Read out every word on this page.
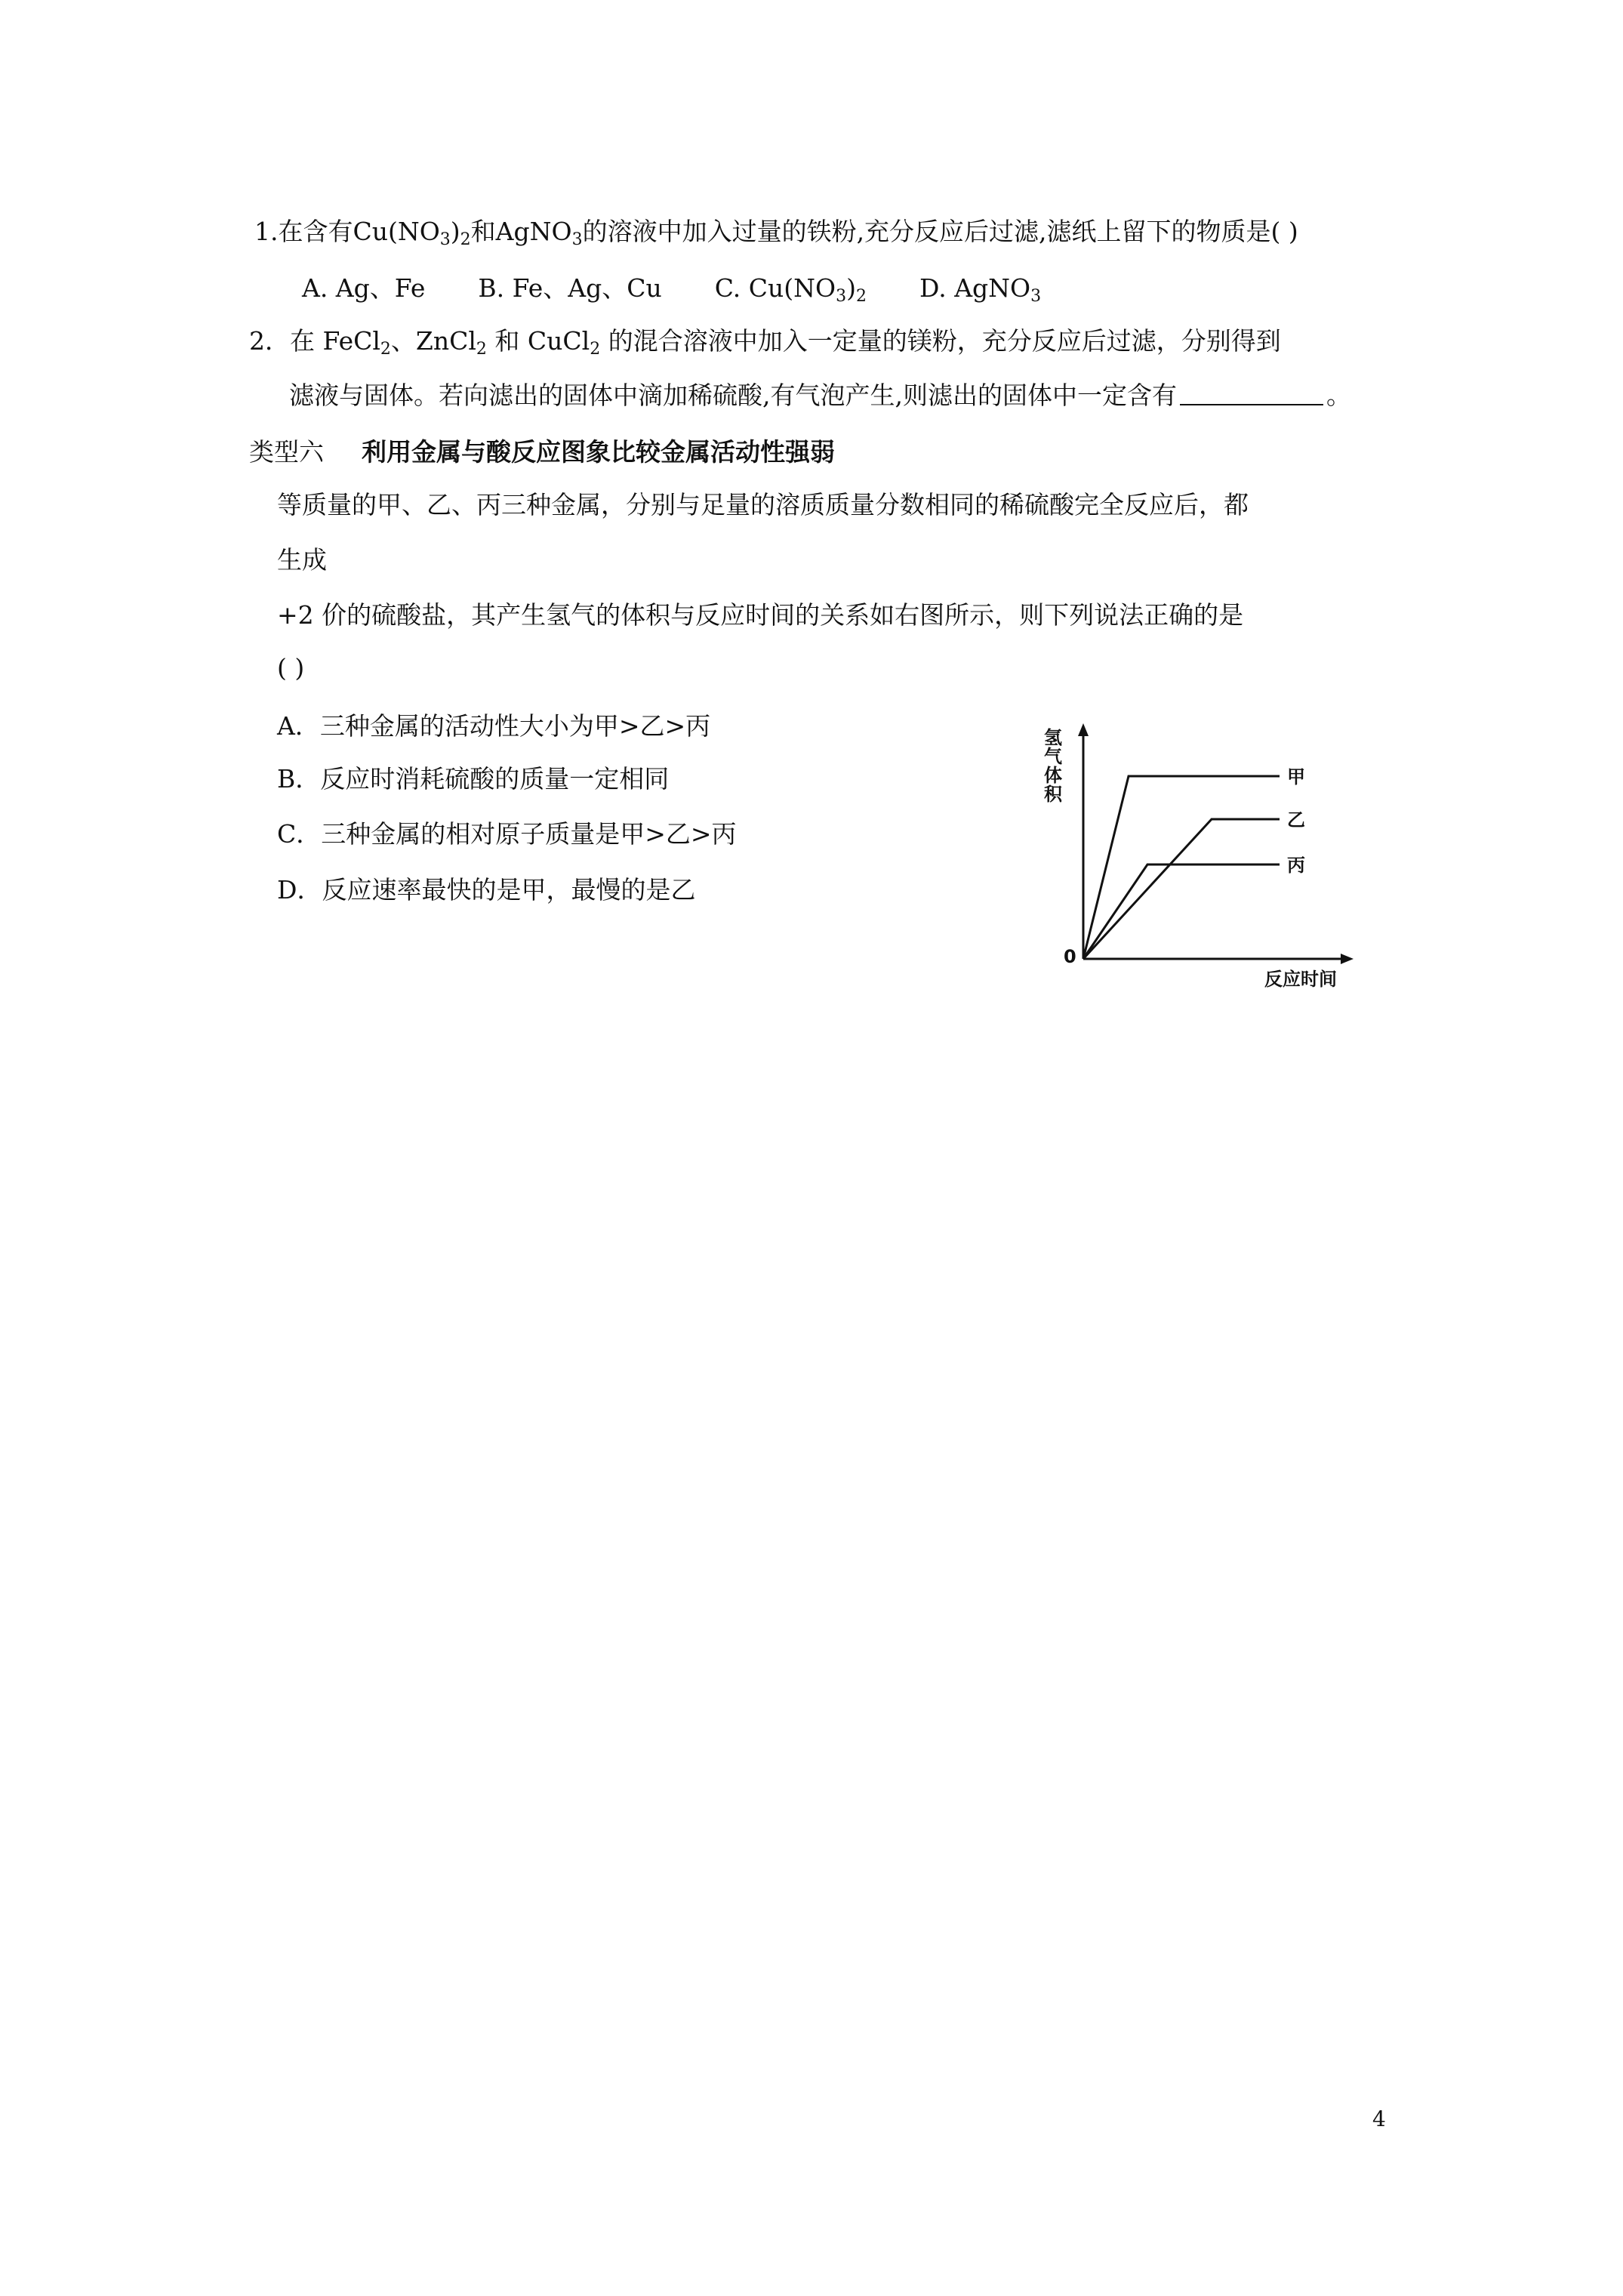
1.在含有$Cu(NO_3)_2$和AgNO$_3$的溶液中加入过量的铁粉,充分反应后过滤,滤纸上留下的物质是( )
A. Ag、Fe B. Fe、Ag、Cu C. $Cu(NO_3)_2$ D. AgNO$_3$
2．在 FeCl$_2$、ZnCl$_2$ 和 CuCl$_2$ 的混合溶液中加入一定量的镁粉，充分反应后过滤，分别得到
滤液与固体。若向滤出的固体中滴加稀硫酸,有气泡产生,则滤出的固体中一定含有	。
类型六 利用金属与酸反应图象比较金属活动性强弱
等质量的甲、乙、丙三种金属，分别与足量的溶质质量分数相同的稀硫酸完全反应后，都
生成
+2 价的硫酸盐，其产生氢气的体积与反应时间的关系如右图所示，则下列说法正确的是
( )
A．三种金属的活动性大小为甲>乙>丙
B．反应时消耗硫酸的质量一定相同
C．三种金属的相对原子质量是甲>乙>丙
D．反应速率最快的是甲，最慢的是乙
氢
气
体
积
0
反应时间
甲
乙
丙
4
